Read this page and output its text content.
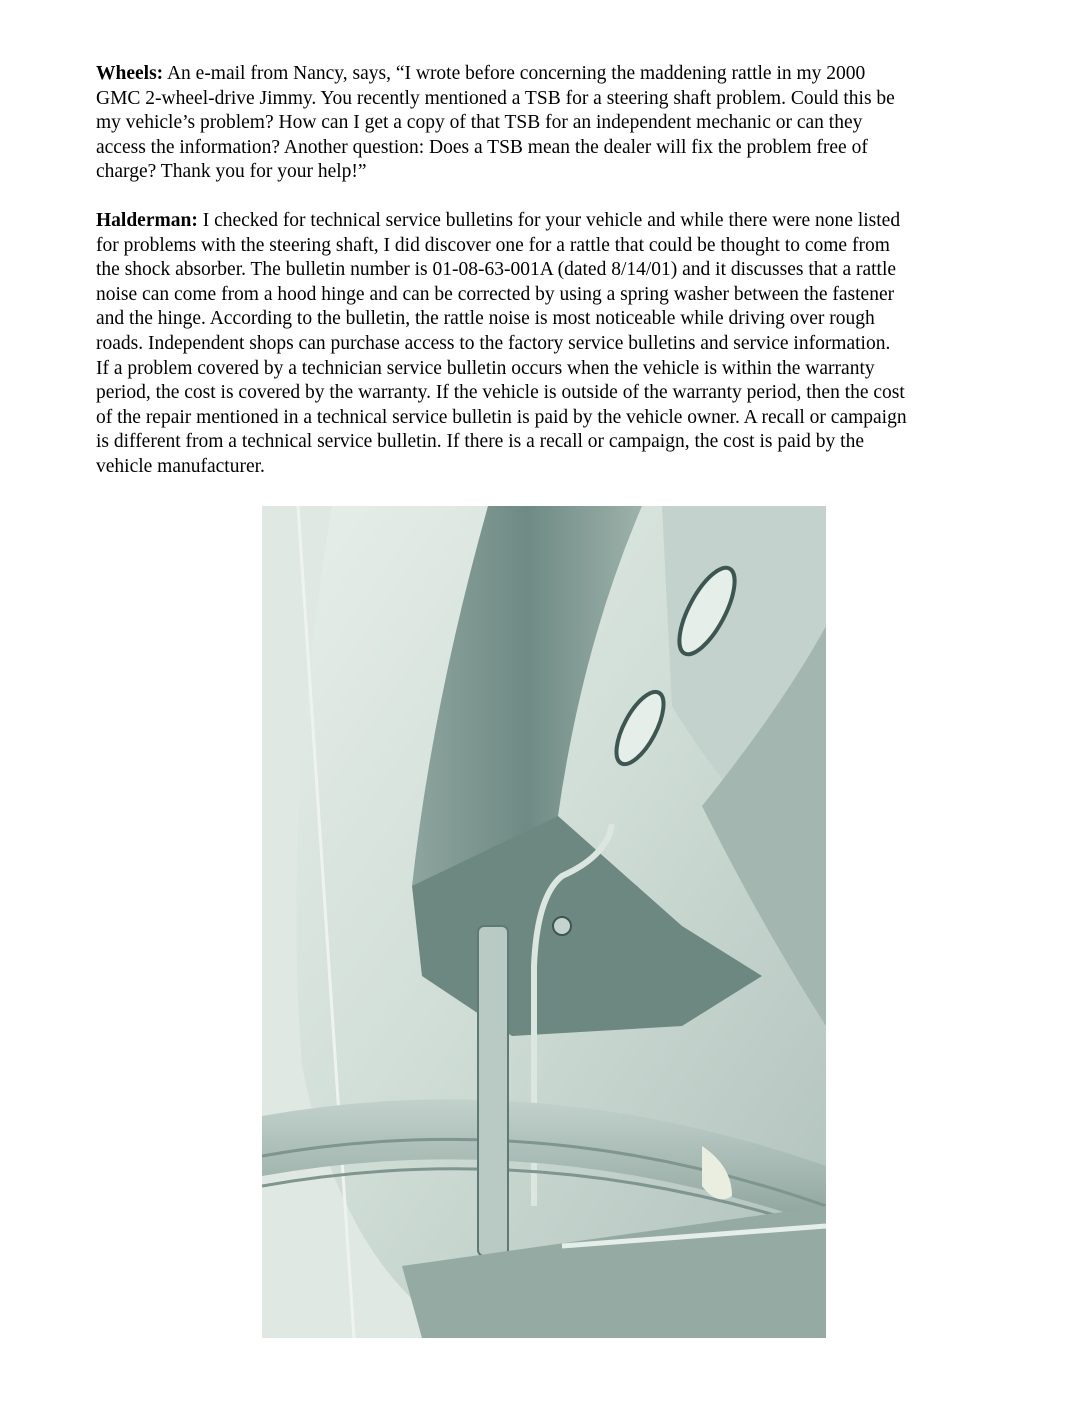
Wheels: An e-mail from Nancy, says, “I wrote before concerning the maddening rattle in my 2000
GMC 2-wheel-drive Jimmy. You recently mentioned a TSB for a steering shaft problem. Could this be
my vehicle’s problem? How can I get a copy of that TSB for an independent mechanic or can they
access the information? Another question: Does a TSB mean the dealer will fix the problem free of
charge? Thank you for your help!”

Halderman: I checked for technical service bulletins for your vehicle and while there were none listed
for problems with the steering shaft, I did discover one for a rattle that could be thought to come from
the shock absorber. The bulletin number is 01-08-63-001A (dated 8/14/01) and it discusses that a rattle
noise can come from a hood hinge and can be corrected by using a spring washer between the fastener
and the hinge. According to the bulletin, the rattle noise is most noticeable while driving over rough
roads. Independent shops can purchase access to the factory service bulletins and service information.
If a problem covered by a technician service bulletin occurs when the vehicle is within the warranty
period, the cost is covered by the warranty. If the vehicle is outside of the warranty period, then the cost
of the repair mentioned in a technical service bulletin is paid by the vehicle owner. A recall or campaign
is different from a technical service bulletin. If there is a recall or campaign, the cost is paid by the
vehicle manufacturer.
